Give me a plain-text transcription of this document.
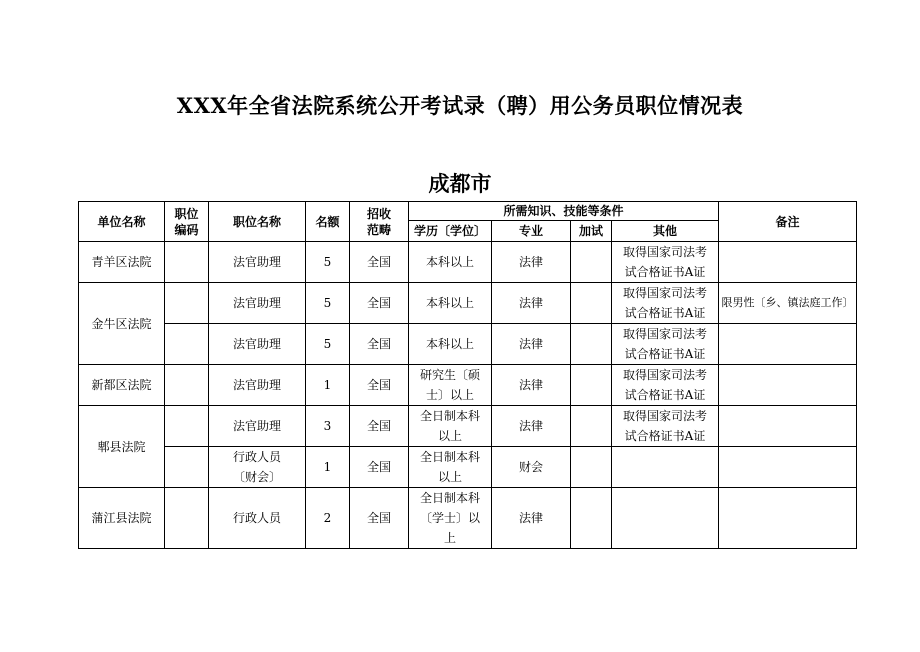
XXX年全省法院系统公开考试录（聘）用公务员职位情况表
成都市
单位名称	职位编码	职位名称	名额	招收范畴	所需知识、技能等条件				备注
					学历〔学位〕	专业	加试	其他	
青羊区法院		法官助理	5	全国	本科以上	法律		取得国家司法考试合格证书A证	
金牛区法院		法官助理	5	全国	本科以上	法律		取得国家司法考试合格证书A证	限男性〔乡、镇法庭工作〕
		法官助理	5	全国	本科以上	法律		取得国家司法考试合格证书A证	
新都区法院		法官助理	1	全国	研究生〔硕士〕以上	法律		取得国家司法考试合格证书A证	
郫县法院		法官助理	3	全国	全日制本科以上	法律		取得国家司法考试合格证书A证	
		行政人员〔财会〕	1	全国	全日制本科以上	财会			
蒲江县法院		行政人员	2	全国	全日制本科〔学士〕以上	法律			
